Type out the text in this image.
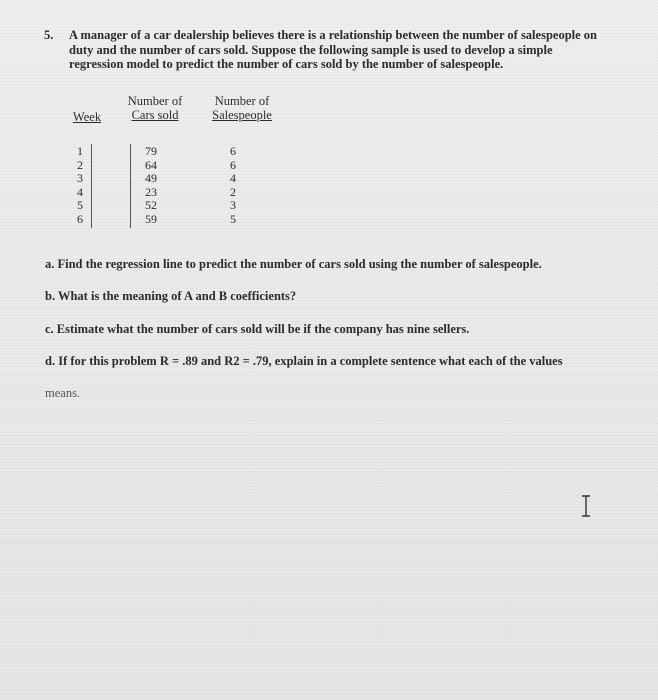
5. A manager of a car dealership believes there is a relationship between the number of salespeople on duty and the number of cars sold. Suppose the following sample is used to develop a simple regression model to predict the number of cars sold by the number of salespeople.
Week
Number of
Cars sold
Number of
Salespeople
1	79	6
2	64	6
3	49	4
4	23	2
5	52	3
6	59	5
a. Find the regression line to predict the number of cars sold using the number of salespeople.
b. What is the meaning of A and B coefficients?
c. Estimate what the number of cars sold will be if the company has nine sellers.
d. If for this problem R = .89 and R2 = .79, explain in a complete sentence what each of the values
means.
